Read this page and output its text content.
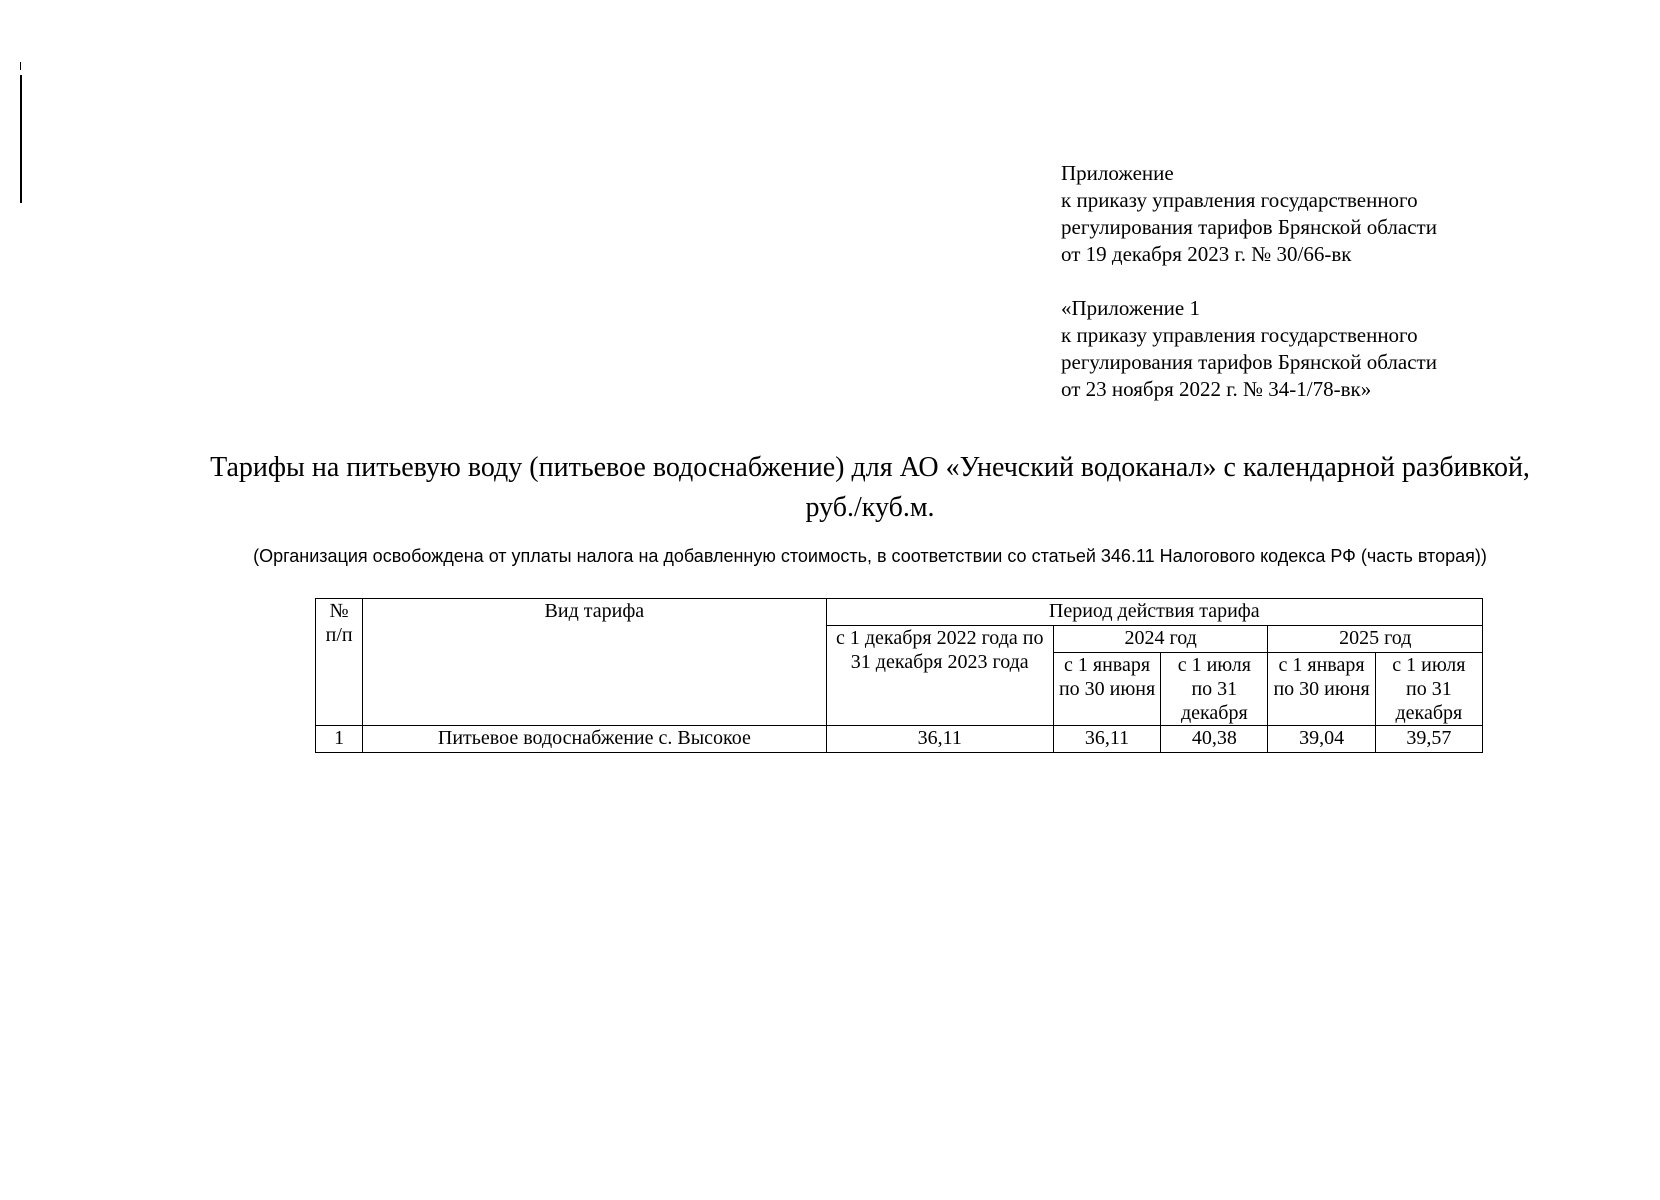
Приложение
к приказу управления государственного
регулирования тарифов Брянской области
от 19 декабря 2023 г. № 30/66-вк
«Приложение 1
к приказу управления государственного
регулирования тарифов Брянской области
от 23 ноября 2022 г. № 34-1/78-вк»
Тарифы на питьевую воду (питьевое водоснабжение) для АО «Унечский водоканал» с календарной разбивкой,
руб./куб.м.
(Организация освобождена от уплаты налога на добавленную стоимость, в соответствии со статьей 346.11 Налогового кодекса РФ (часть вторая))
№ п/п	Вид тарифа	Период действия тарифа				
		с 1 декабря 2022 года по 31 декабря 2023 года	2024 год		2025 год	
			с 1 января по 30 июня	с 1 июля по 31 декабря	с 1 января по 30 июня	с 1 июля по 31 декабря
1	Питьевое водоснабжение с. Высокое	36,11	36,11	40,38	39,04	39,57
